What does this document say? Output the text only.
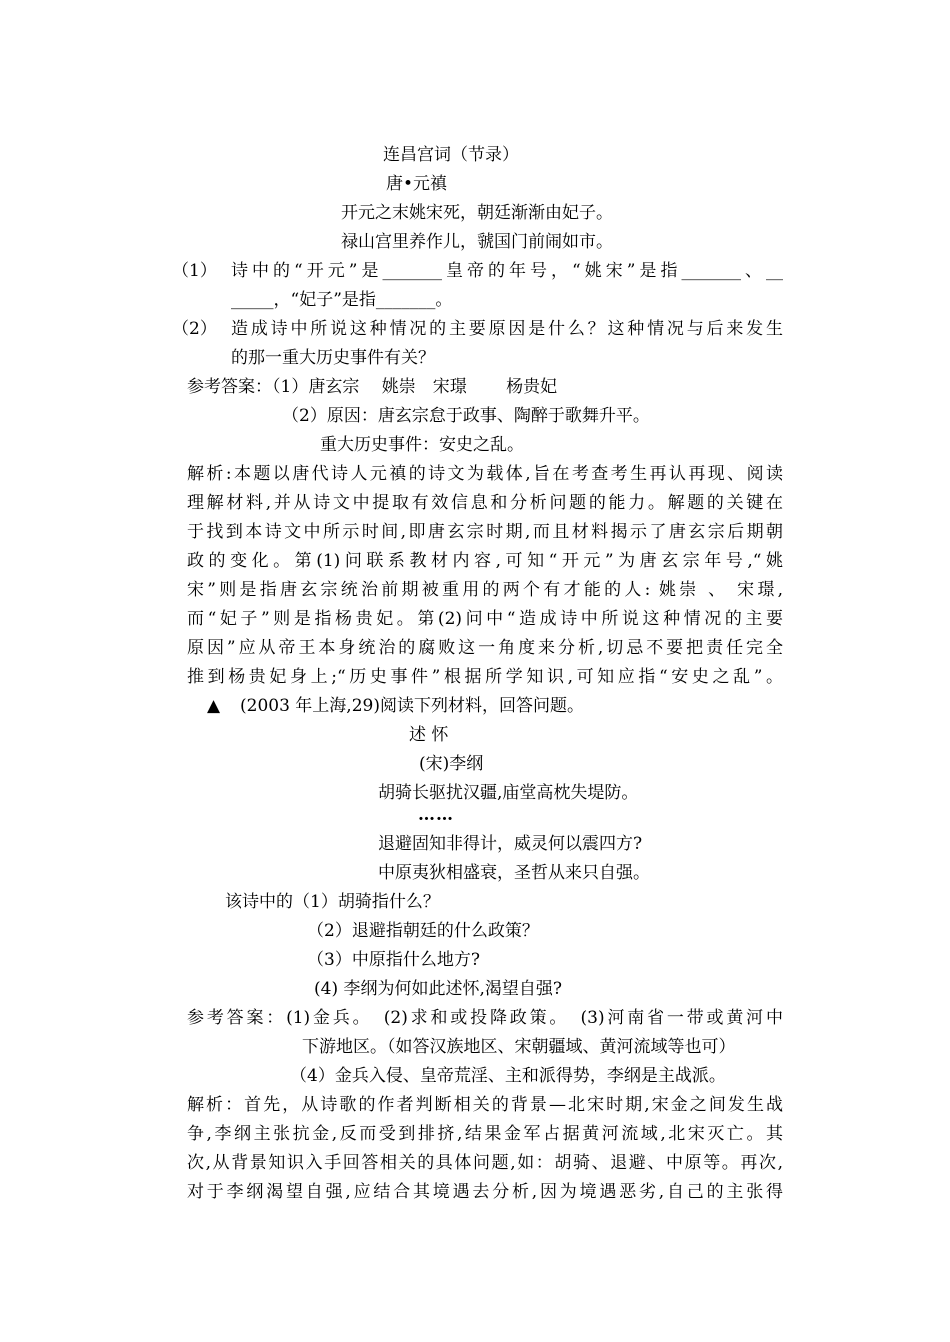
连昌宫词（节录）
唐•元禛
开元之末姚宋死，朝廷渐渐由妃子。
禄山宫里养作儿，虢国门前闹如市。
（1） 诗中的“开元”是_______皇帝的年号，“姚宋”是指_______、__
_____，“妃子”是指_______。
（2） 造成诗中所说这种情况的主要原因是什么？这种情况与后来发生
的那一重大历史事件有关？
参考答案：（1）唐玄宗　 姚崇　宋璟　　 杨贵妃
（2）原因：唐玄宗怠于政事、陶醉于歌舞升平。
重大历史事件：安史之乱。
解析:本题以唐代诗人元禛的诗文为载体,旨在考查考生再认再现、阅读
理解材料,并从诗文中提取有效信息和分析问题的能力。解题的关键在
于找到本诗文中所示时间,即唐玄宗时期,而且材料揭示了唐玄宗后期朝
政的变化。第(1)问联系教材内容,可知“开元”为唐玄宗年号,“姚
宋”则是指唐玄宗统治前期被重用的两个有才能的人: 姚崇 、 宋璟,
而“妃子”则是指杨贵妃。第(2)问中“造成诗中所说这种情况的主要
原因”应从帝王本身统治的腐败这一角度来分析,切忌不要把责任完全
推到杨贵妃身上;“历史事件”根据所学知识,可知应指“安史之乱”。
▲ (2003 年上海,29)阅读下列材料，回答问题。
述 怀
(宋)李纲
胡骑长驱扰汉疆,庙堂高枕失堤防。
……
退避固知非得计，威灵何以震四方?
中原夷狄相盛衰，圣哲从来只自强。
该诗中的（1）胡骑指什么？
（2）退避指朝廷的什么政策？
（3）中原指什么地方?
(4) 李纲为何如此述怀,渴望自强?
参考答案：(1)金兵。　(2)求和或投降政策。　(3)河南省一带或黄河中
下游地区。（如答汉族地区、宋朝疆域、黄河流域等也可）
（4）金兵入侵、皇帝荒淫、主和派得势，李纲是主战派。
解析：首先，从诗歌的作者判断相关的背景—北宋时期,宋金之间发生战
争,李纲主张抗金,反而受到排挤,结果金军占据黄河流域,北宋灭亡。其
次,从背景知识入手回答相关的具体问题,如：胡骑、退避、中原等。再次,
对于李纲渴望自强,应结合其境遇去分析,因为境遇恶劣,自己的主张得
